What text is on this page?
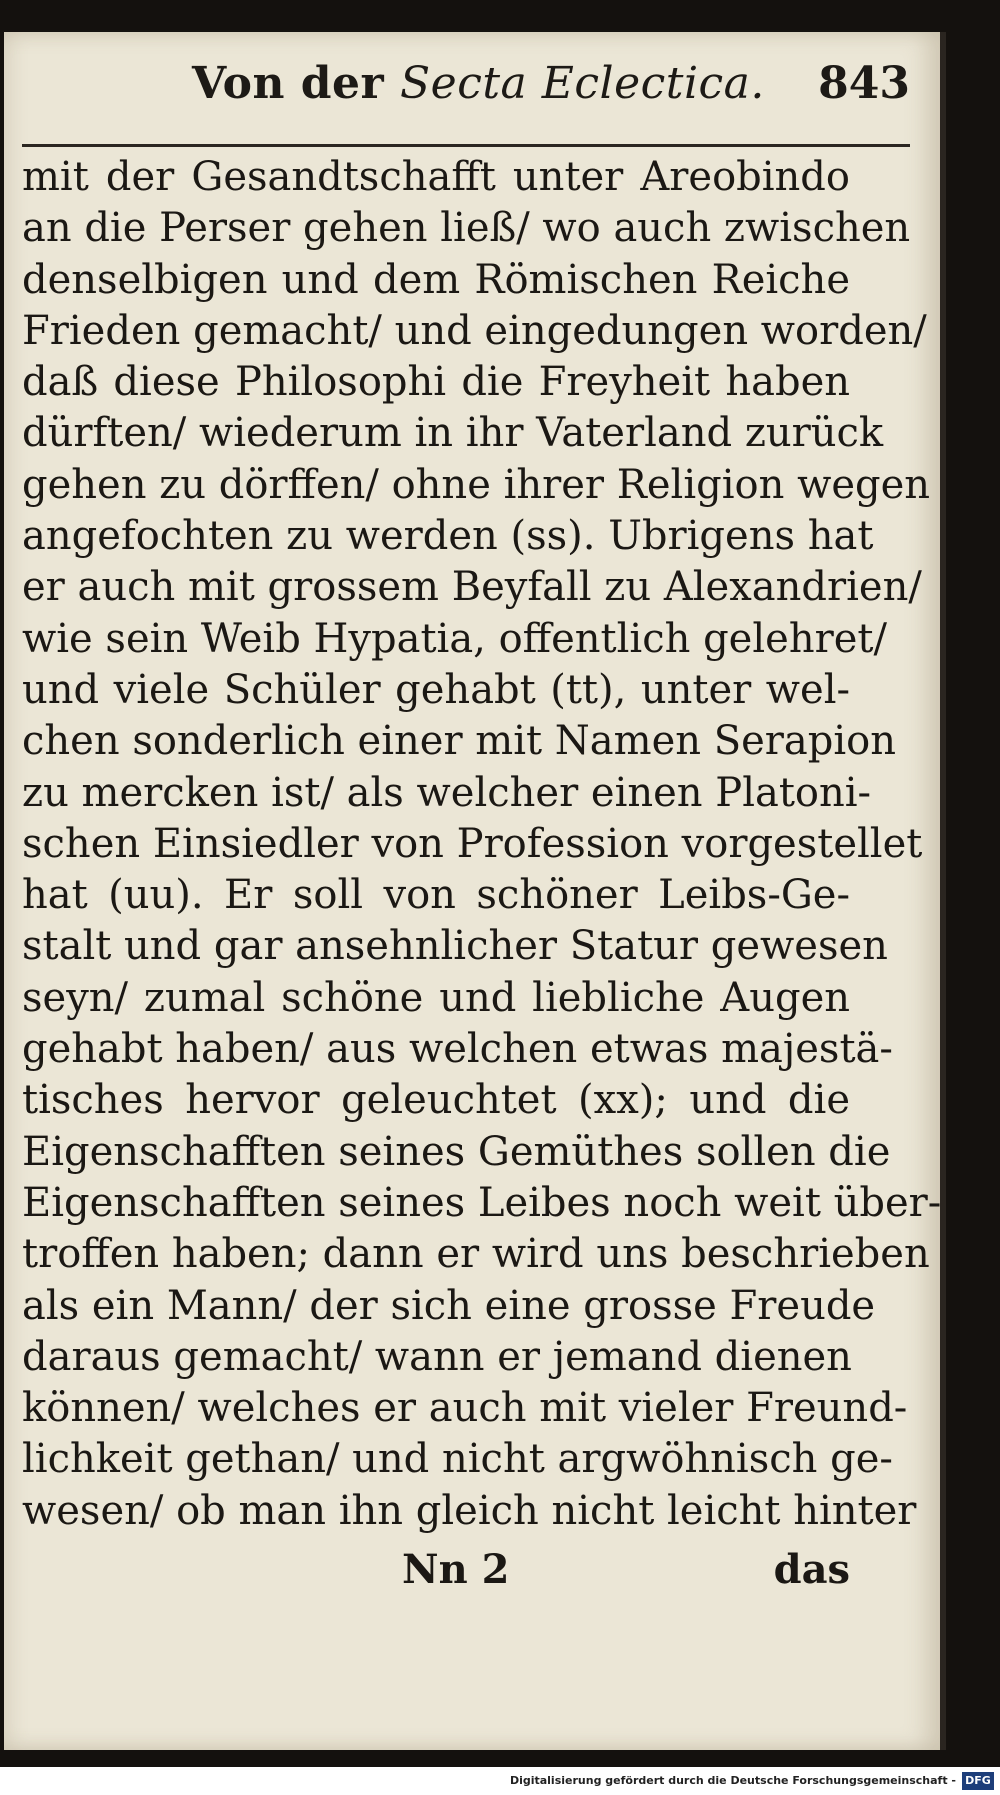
Von der Secta Eclectica. 843
mit der Gesandtschafft unter Areobindo
an die Perser gehen ließ/ wo auch zwischen
denselbigen und dem Römischen Reiche
Frieden gemacht/ und eingedungen worden/
daß diese Philosophi die Freyheit haben
dürften/ wiederum in ihr Vaterland zurück
gehen zu dörffen/ ohne ihrer Religion wegen
angefochten zu werden (ss). Ubrigens hat
er auch mit grossem Beyfall zu Alexandrien/
wie sein Weib Hypatia, offentlich gelehret/
und viele Schüler gehabt (tt), unter wel-
chen sonderlich einer mit Namen Serapion
zu mercken ist/ als welcher einen Platoni-
schen Einsiedler von Profession vorgestellet
hat (uu). Er soll von schöner Leibs-Ge-
stalt und gar ansehnlicher Statur gewesen
seyn/ zumal schöne und liebliche Augen
gehabt haben/ aus welchen etwas majestä-
tisches hervor geleuchtet (xx); und die
Eigenschafften seines Gemüthes sollen die
Eigenschafften seines Leibes noch weit über-
troffen haben; dann er wird uns beschrieben
als ein Mann/ der sich eine grosse Freude
daraus gemacht/ wann er jemand dienen
können/ welches er auch mit vieler Freund-
lichkeit gethan/ und nicht argwöhnisch ge-
wesen/ ob man ihn gleich nicht leicht hinter
Nn 2	das
Digitalisierung gefördert durch die Deutsche Forschungsgemeinschaft - DFG
